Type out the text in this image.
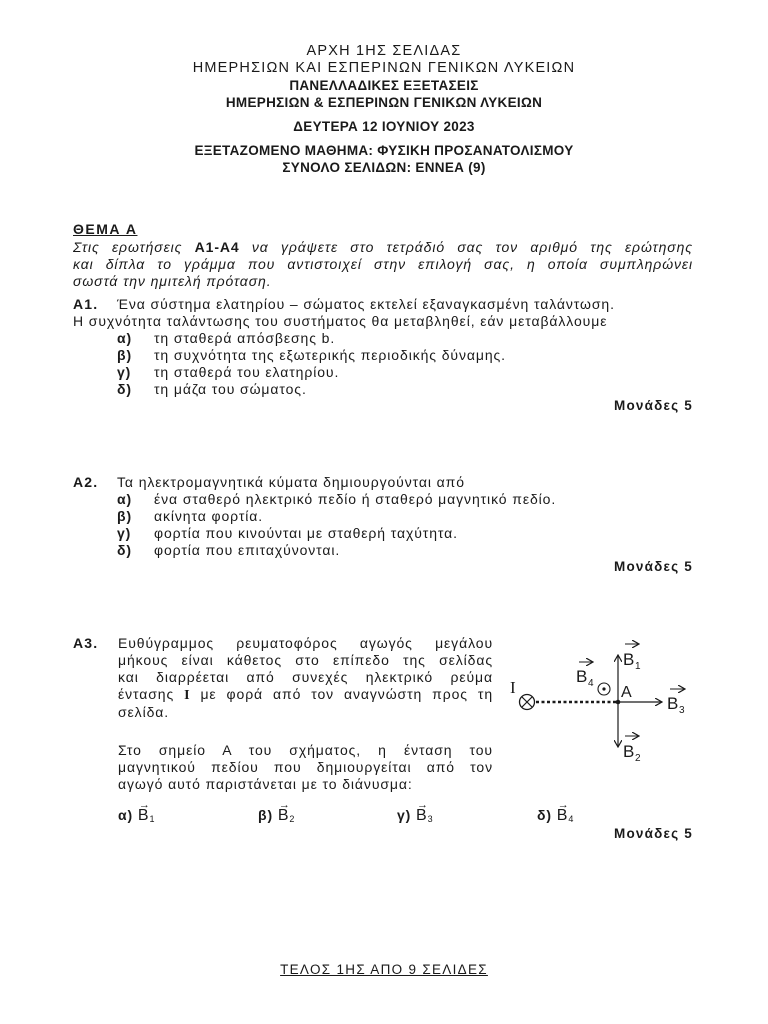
ΑΡΧΗ 1ΗΣ ΣΕΛΙΔΑΣ
ΗΜΕΡΗΣΙΩΝ ΚΑΙ ΕΣΠΕΡΙΝΩΝ ΓΕΝΙΚΩΝ ΛΥΚΕΙΩΝ
ΠΑΝΕΛΛΑΔΙΚΕΣ ΕΞΕΤΑΣΕΙΣ
ΗΜΕΡΗΣΙΩΝ & ΕΣΠΕΡΙΝΩΝ ΓΕΝΙΚΩΝ ΛΥΚΕΙΩΝ
ΔΕΥΤΕΡΑ 12 ΙΟΥΝΙΟΥ 2023
ΕΞΕΤΑΖΟΜΕΝΟ ΜΑΘΗΜΑ: ΦΥΣΙΚΗ ΠΡΟΣΑΝΑΤΟΛΙΣΜΟΥ
ΣΥΝΟΛΟ ΣΕΛΙΔΩΝ: ΕΝΝΕΑ (9)
ΘΕΜΑ Α
Στις ερωτήσεις Α1-Α4 να γράψετε στο τετράδιό σας τον αριθμό της ερώτησης
και δίπλα το γράμμα που αντιστοιχεί στην επιλογή σας, η οποία συμπληρώνει
σωστά την ημιτελή πρόταση.
Α1. Ένα σύστημα ελατηρίου – σώματος εκτελεί εξαναγκασμένη ταλάντωση.
Η συχνότητα ταλάντωσης του συστήματος θα μεταβληθεί, εάν μεταβάλλουμε
α) τη σταθερά απόσβεσης b.
β) τη συχνότητα της εξωτερικής περιοδικής δύναμης.
γ) τη σταθερά του ελατηρίου.
δ) τη μάζα του σώματος.
Μονάδες 5
Α2. Τα ηλεκτρομαγνητικά κύματα δημιουργούνται από
α) ένα σταθερό ηλεκτρικό πεδίο ή σταθερό μαγνητικό πεδίο.
β) ακίνητα φορτία.
γ) φορτία που κινούνται με σταθερή ταχύτητα.
δ) φορτία που επιταχύνονται.
Μονάδες 5
Α3. Ευθύγραμμος ρευματοφόρος αγωγός μεγάλου
μήκους είναι κάθετος στο επίπεδο της σελίδας
και διαρρέεται από συνεχές ηλεκτρικό ρεύμα
έντασης Ι με φορά από τον αναγνώστη προς τη
σελίδα.
Στο σημείο Α του σχήματος, η ένταση του
μαγνητικού πεδίου που δημιουργείται από τον
αγωγό αυτό παριστάνεται με το διάνυσμα:
$\alpha) \to B_1$	$\beta) \to B_2$	$\gamma) \to B_3$	$\delta) \to B_4$
Μονάδες 5
I	A
B 1
B 4
B 3
B 2
ΤΕΛΟΣ 1ΗΣ ΑΠΟ 9 ΣΕΛΙΔΕΣ
